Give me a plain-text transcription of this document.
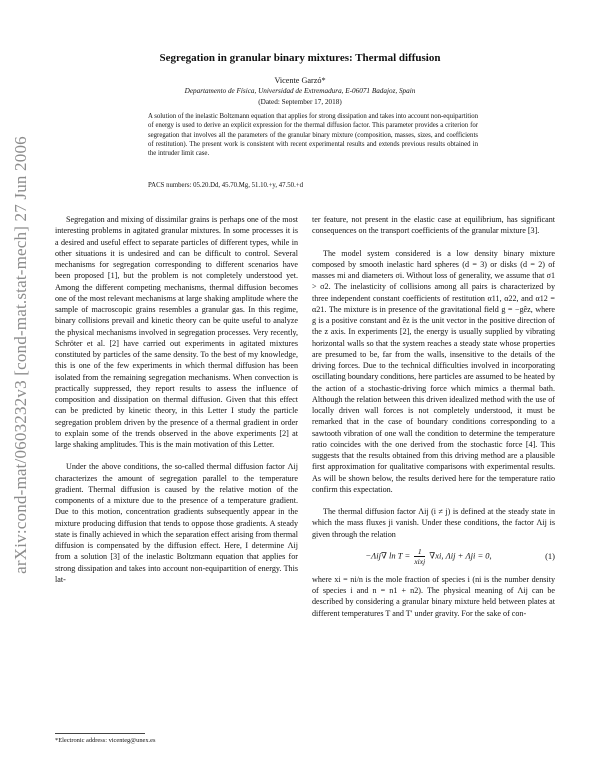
Segregation in granular binary mixtures: Thermal diffusion
Vicente Garzó*
Departamento de Física, Universidad de Extremadura, E-06071 Badajoz, Spain
(Dated: September 17, 2018)
A solution of the inelastic Boltzmann equation that applies for strong dissipation and takes into account non-equipartition of energy is used to derive an explicit expression for the thermal diffusion factor. This parameter provides a criterion for segregation that involves all the parameters of the granular binary mixture (composition, masses, sizes, and coefficients of restitution). The present work is consistent with recent experimental results and extends previous results obtained in the intruder limit case.
PACS numbers: 05.20.Dd, 45.70.Mg, 51.10.+y, 47.50.+d
arXiv:cond-mat/0603232v3 [cond-mat.stat-mech] 27 Jun 2006	Segregation and mixing of dissimilar grains is perhaps one of the most interesting problems in agitated granular mixtures. In some processes it is a desired and useful effect to separate particles of different types, while in other situations it is undesired and can be difficult to control. Several mechanisms for segregation corresponding to different scenarios have been proposed [1], but the problem is not completely understood yet. Among the different competing mechanisms, thermal diffusion becomes one of the most relevant mechanisms at large shaking amplitude where the sample of macroscopic grains resembles a granular gas. In this regime, binary collisions prevail and kinetic theory can be quite useful to analyze the physical mechanisms involved in segregation processes. Very recently, Schröter et al. [2] have carried out experiments in agitated mixtures constituted by particles of the same density. To the best of my knowledge, this is one of the few experiments in which thermal diffusion has been isolated from the remaining segregation mechanisms. When convection is practically suppressed, they report results to assess the influence of composition and dissipation on thermal diffusion. Given that this effect can be predicted by kinetic theory, in this Letter I study the particle segregation problem driven by the presence of a thermal gradient in order to explain some of the trends observed in the above experiments [2] at large shaking amplitudes. This is the main motivation of this Letter.

Under the above conditions, the so-called thermal diffusion factor Λij characterizes the amount of segregation parallel to the temperature gradient. Thermal diffusion is caused by the relative motion of the components of a mixture due to the presence of a temperature gradient. Due to this motion, concentration gradients subsequently appear in the mixture producing diffusion that tends to oppose those gradients. A steady state is finally achieved in which the separation effect arising from thermal diffusion is compensated by the diffusion effect. Here, I determine Λij from a solution [3] of the inelastic Boltzmann equation that applies for strong dissipation and takes into account non-equipartition of energy. This lat-

ter feature, not present in the elastic case at equilibrium, has significant consequences on the transport coefficients of the granular mixture [3].

The model system considered is a low density binary mixture composed by smooth inelastic hard spheres (d = 3) or disks (d = 2) of masses mi and diameters σi. Without loss of generality, we assume that σ1 > σ2. The inelasticity of collisions among all pairs is characterized by three independent constant coefficients of restitution α11, α22, and α12 = α21. The mixture is in presence of the gravitational field g = −gêz, where g is a positive constant and êz is the unit vector in the positive direction of the z axis. In experiments [2], the energy is usually supplied by vibrating horizontal walls so that the system reaches a steady state whose properties are presumed to be, far from the walls, insensitive to the details of the driving forces. Due to the technical difficulties involved in incorporating oscillating boundary conditions, here particles are assumed to be heated by the action of a stochastic-driving force which mimics a thermal bath. Although the relation between this driven idealized method with the use of locally driven wall forces is not completely understood, it must be remarked that in the case of boundary conditions corresponding to a sawtooth vibration of one wall the condition to determine the temperature ratio coincides with the one derived from the stochastic force [4]. This suggests that the results obtained from this driving method are a plausible first approximation for qualitative comparisons with experimental results. As will be shown below, the results derived here for the temperature ratio confirm this expectation.

The thermal diffusion factor Λij (i ≠ j) is defined at the steady state in which the mass fluxes ji vanish. Under these conditions, the factor Λij is given through the relation

−Λij∇ ln T =	1
xixj
∇xi, Λij + Λji = 0,	(1)

where xi = ni/n is the mole fraction of species i (ni is the number density of species i and n = n1 + n2). The physical meaning of Λij can be described by considering a granular binary mixture held between plates at different temperatures T and T′ under gravity. For the sake of con-

*Electronic address: vicenteg@unex.es
